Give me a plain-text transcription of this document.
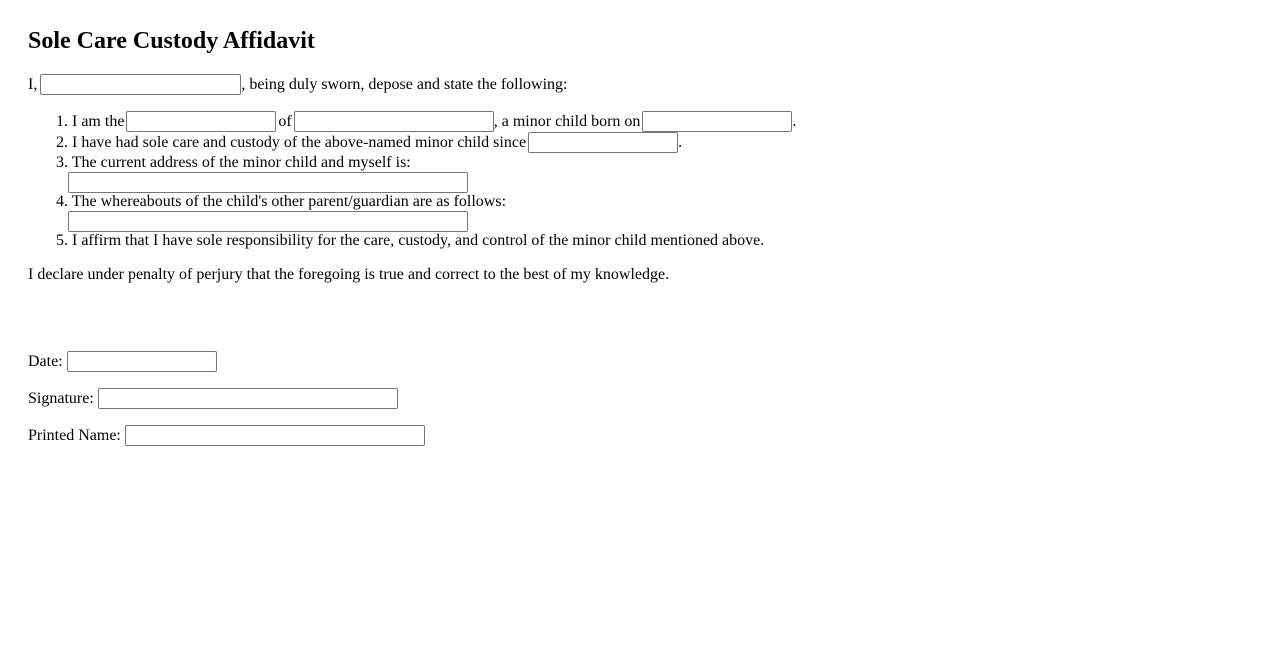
Sole Care Custody Affidavit
I,	, being duly sworn, depose and state the following:
1. I am the	of	, a minor child born on	.
2. I have had sole care and custody of the above-named minor child since	.
3. The current address of the minor child and myself is:
4. The whereabouts of the child's other parent/guardian are as follows:
5. I affirm that I have sole responsibility for the care, custody, and control of the minor child mentioned above.
I declare under penalty of perjury that the foregoing is true and correct to the best of my knowledge.
Date:
Signature:
Printed Name:
